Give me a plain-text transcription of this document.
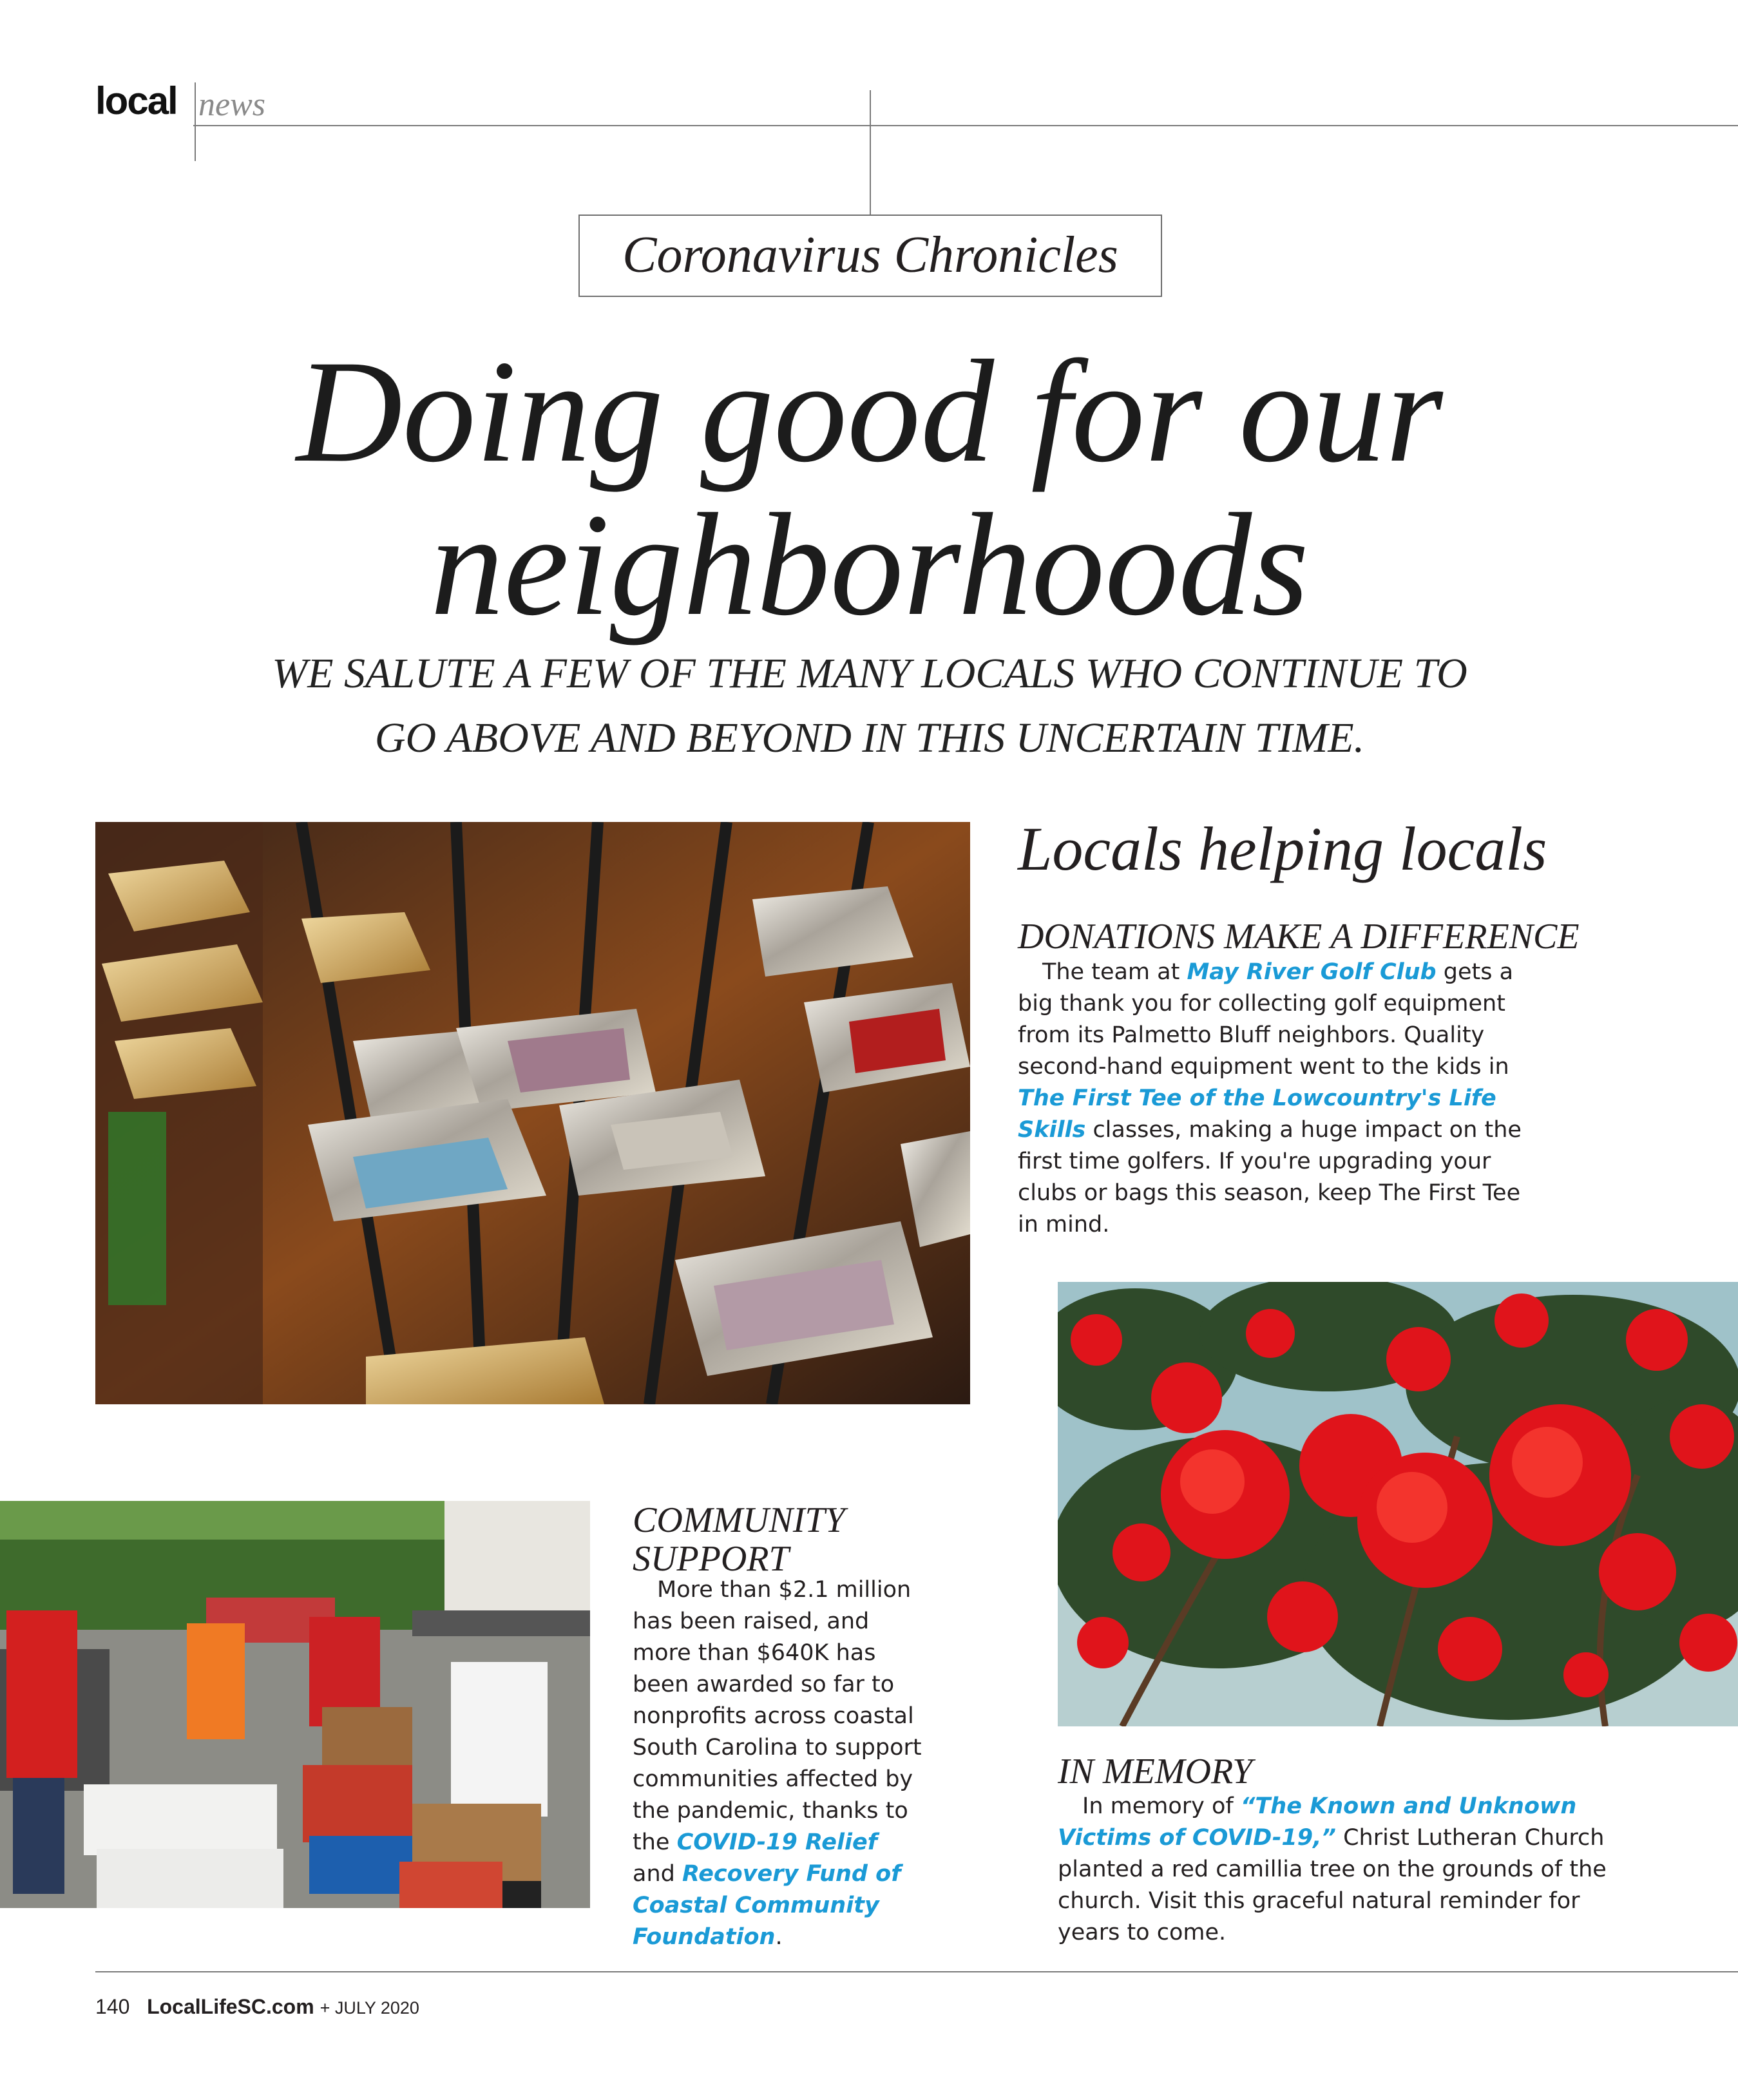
local news
Coronavirus Chronicles
Doing good for our
neighborhoods
WE SALUTE A FEW OF THE MANY LOCALS WHO CONTINUE TO
GO ABOVE AND BEYOND IN THIS UNCERTAIN TIME.
Locals helping locals
DONATIONS MAKE A DIFFERENCE
The team at May River Golf Club gets a big thank you for collecting golf equipment from its Palmetto Bluff neighbors. Quality second-hand equipment went to the kids in The First Tee of the Lowcountry's Life Skills classes, making a huge impact on the first time golfers. If you're upgrading your clubs or bags this season, keep The First Tee in mind.
COMMUNITY
SUPPORT
More than $2.1 million has been raised, and more than $640K has been awarded so far to nonprofits across coastal South Carolina to support communities affected by the pandemic, thanks to the COVID-19 Relief and Recovery Fund of Coastal Community Foundation.
IN MEMORY
In memory of “The Known and Unknown Victims of COVID-19,” Christ Lutheran Church planted a red camillia tree on the grounds of the church. Visit this graceful natural reminder for years to come.
140 LocalLifeSC.com + JULY 2020
